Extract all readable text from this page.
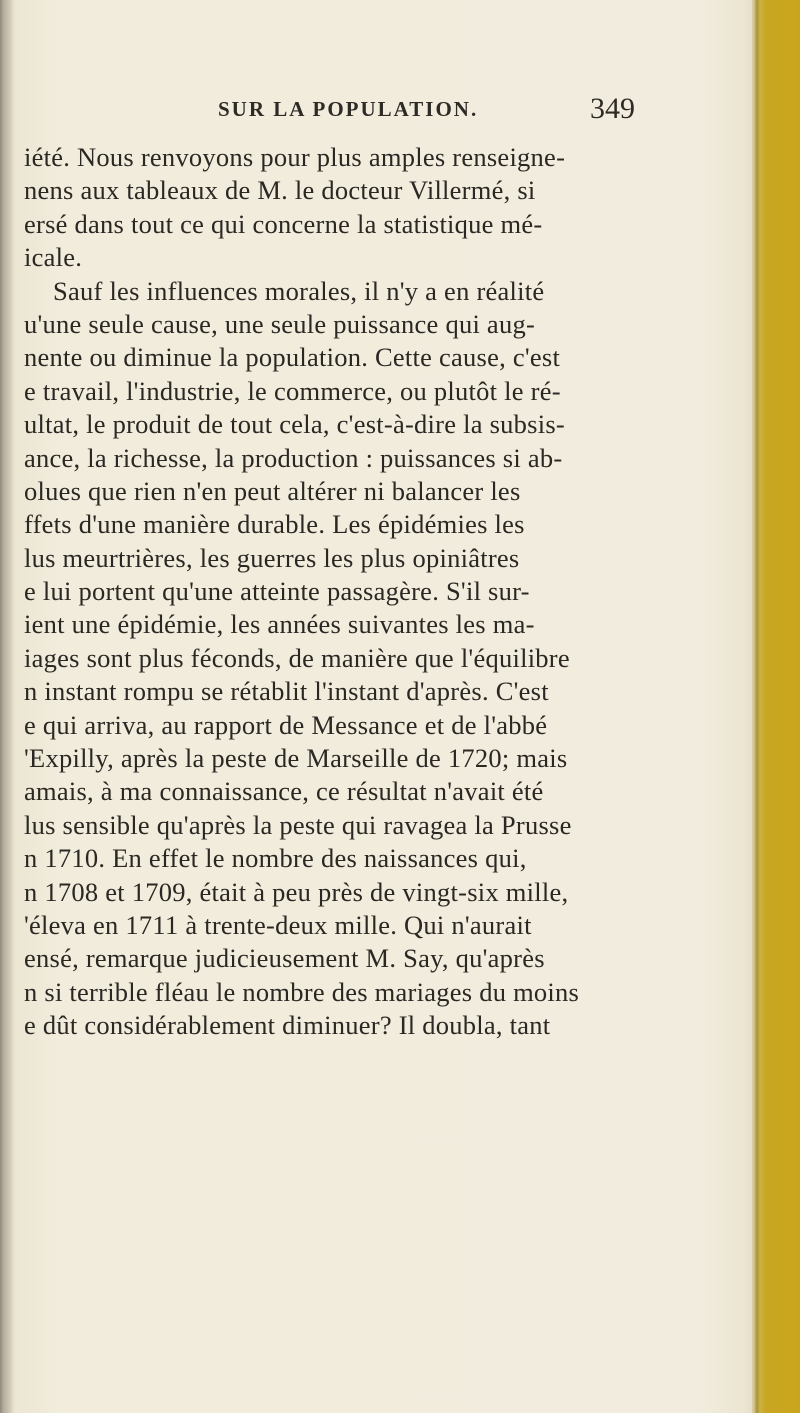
SUR LA POPULATION.	349
iété. Nous renvoyons pour plus amples renseigne-
nens aux tableaux de M. le docteur Villermé, si
ersé dans tout ce qui concerne la statistique mé-
icale.
Sauf les influences morales, il n'y a en réalité
u'une seule cause, une seule puissance qui aug-
nente ou diminue la population. Cette cause, c'est
e travail, l'industrie, le commerce, ou plutôt le ré-
ultat, le produit de tout cela, c'est-à-dire la subsis-
ance, la richesse, la production : puissances si ab-
olues que rien n'en peut altérer ni balancer les
ffets d'une manière durable. Les épidémies les
lus meurtrières, les guerres les plus opiniâtres
e lui portent qu'une atteinte passagère. S'il sur-
ient une épidémie, les années suivantes les ma-
iages sont plus féconds, de manière que l'équilibre
n instant rompu se rétablit l'instant d'après. C'est
e qui arriva, au rapport de Messance et de l'abbé
'Expilly, après la peste de Marseille de 1720; mais
amais, à ma connaissance, ce résultat n'avait été
lus sensible qu'après la peste qui ravagea la Prusse
n 1710. En effet le nombre des naissances qui,
n 1708 et 1709, était à peu près de vingt-six mille,
'éleva en 1711 à trente-deux mille. Qui n'aurait
ensé, remarque judicieusement M. Say, qu'après
n si terrible fléau le nombre des mariages du moins
e dût considérablement diminuer? Il doubla, tant
